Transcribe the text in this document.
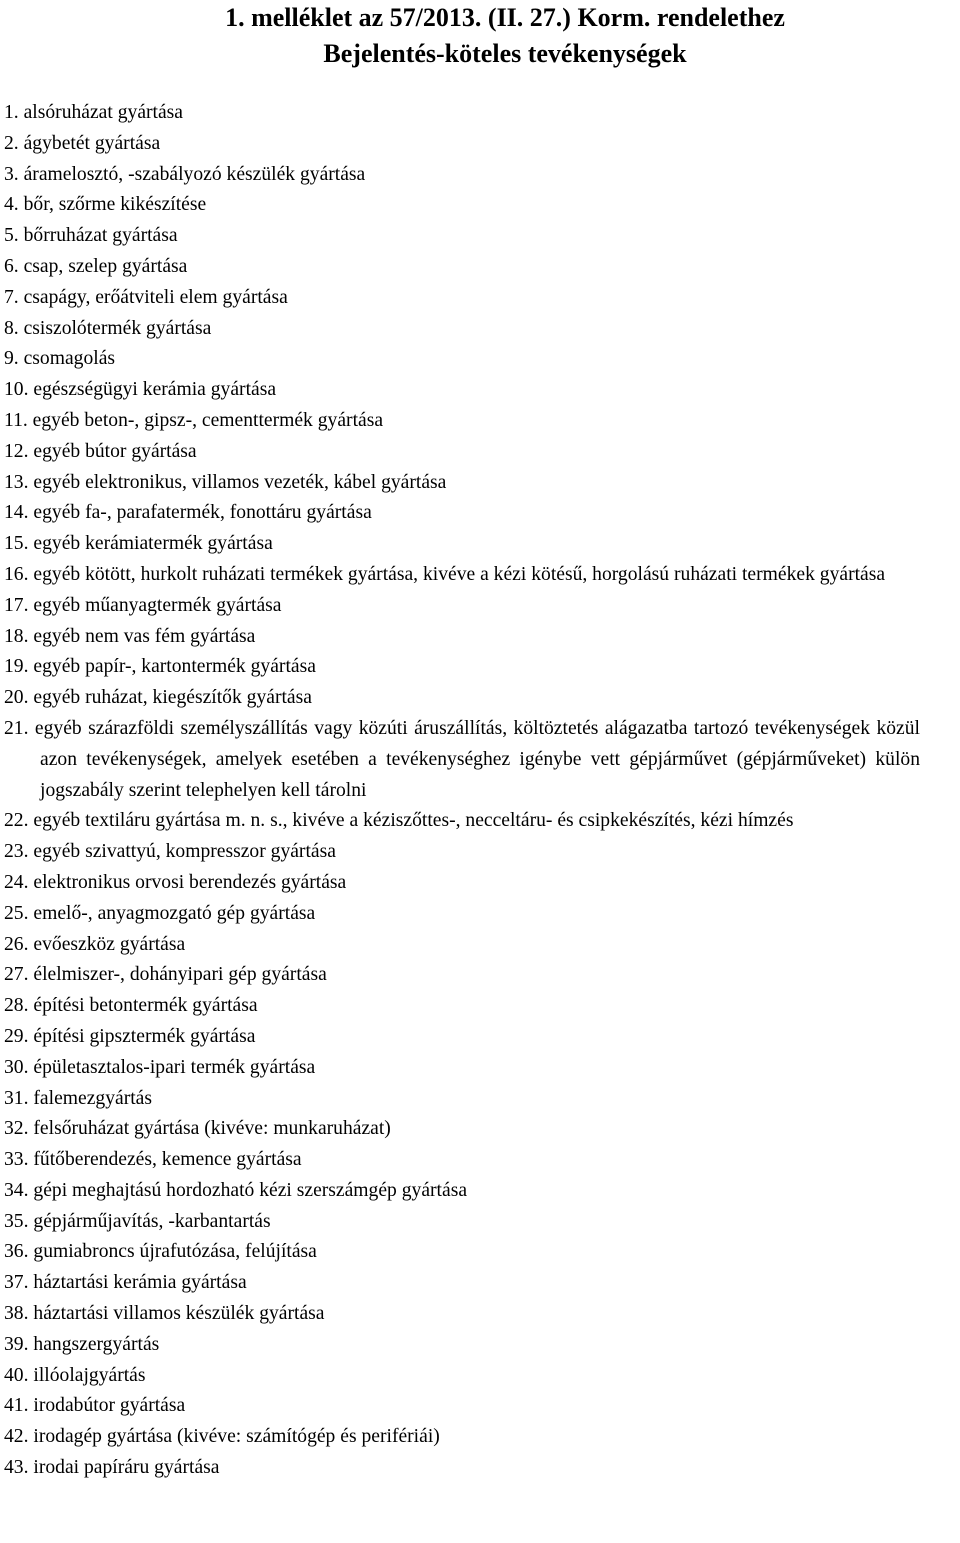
1. melléklet az 57/2013. (II. 27.) Korm. rendelethez
Bejelentés-köteles tevékenységek
1. alsóruházat gyártása
2. ágybetét gyártása
3. áramelosztó, -szabályozó készülék gyártása
4. bőr, szőrme kikészítése
5. bőrruházat gyártása
6. csap, szelep gyártása
7. csapágy, erőátviteli elem gyártása
8. csiszolótermék gyártása
9. csomagolás
10. egészségügyi kerámia gyártása
11. egyéb beton-, gipsz-, cementtermék gyártása
12. egyéb bútor gyártása
13. egyéb elektronikus, villamos vezeték, kábel gyártása
14. egyéb fa-, parafatermék, fonottáru gyártása
15. egyéb kerámiatermék gyártása
16. egyéb kötött, hurkolt ruházati termékek gyártása, kivéve a kézi kötésű, horgolású ruházati termékek gyártása
17. egyéb műanyagtermék gyártása
18. egyéb nem vas fém gyártása
19. egyéb papír-, kartontermék gyártása
20. egyéb ruházat, kiegészítők gyártása
21. egyéb szárazföldi személyszállítás vagy közúti áruszállítás, költöztetés alágazatba tartozó tevékenységek közül azon tevékenységek, amelyek esetében a tevékenységhez igénybe vett gépjárművet (gépjárműveket) külön jogszabály szerint telephelyen kell tárolni
22. egyéb textiláru gyártása m. n. s., kivéve a kéziszőttes-, necceltáru- és csipkekészítés, kézi hímzés
23. egyéb szivattyú, kompresszor gyártása
24. elektronikus orvosi berendezés gyártása
25. emelő-, anyagmozgató gép gyártása
26. evőeszköz gyártása
27. élelmiszer-, dohányipari gép gyártása
28. építési betontermék gyártása
29. építési gipsztermék gyártása
30. épületasztalos-ipari termék gyártása
31. falemezgyártás
32. felsőruházat gyártása (kivéve: munkaruházat)
33. fűtőberendezés, kemence gyártása
34. gépi meghajtású hordozható kézi szerszámgép gyártása
35. gépjárműjavítás, -karbantartás
36. gumiabroncs újrafutózása, felújítása
37. háztartási kerámia gyártása
38. háztartási villamos készülék gyártása
39. hangszergyártás
40. illóolajgyártás
41. irodabútor gyártása
42. irodagép gyártása (kivéve: számítógép és perifériái)
43. irodai papíráru gyártása
